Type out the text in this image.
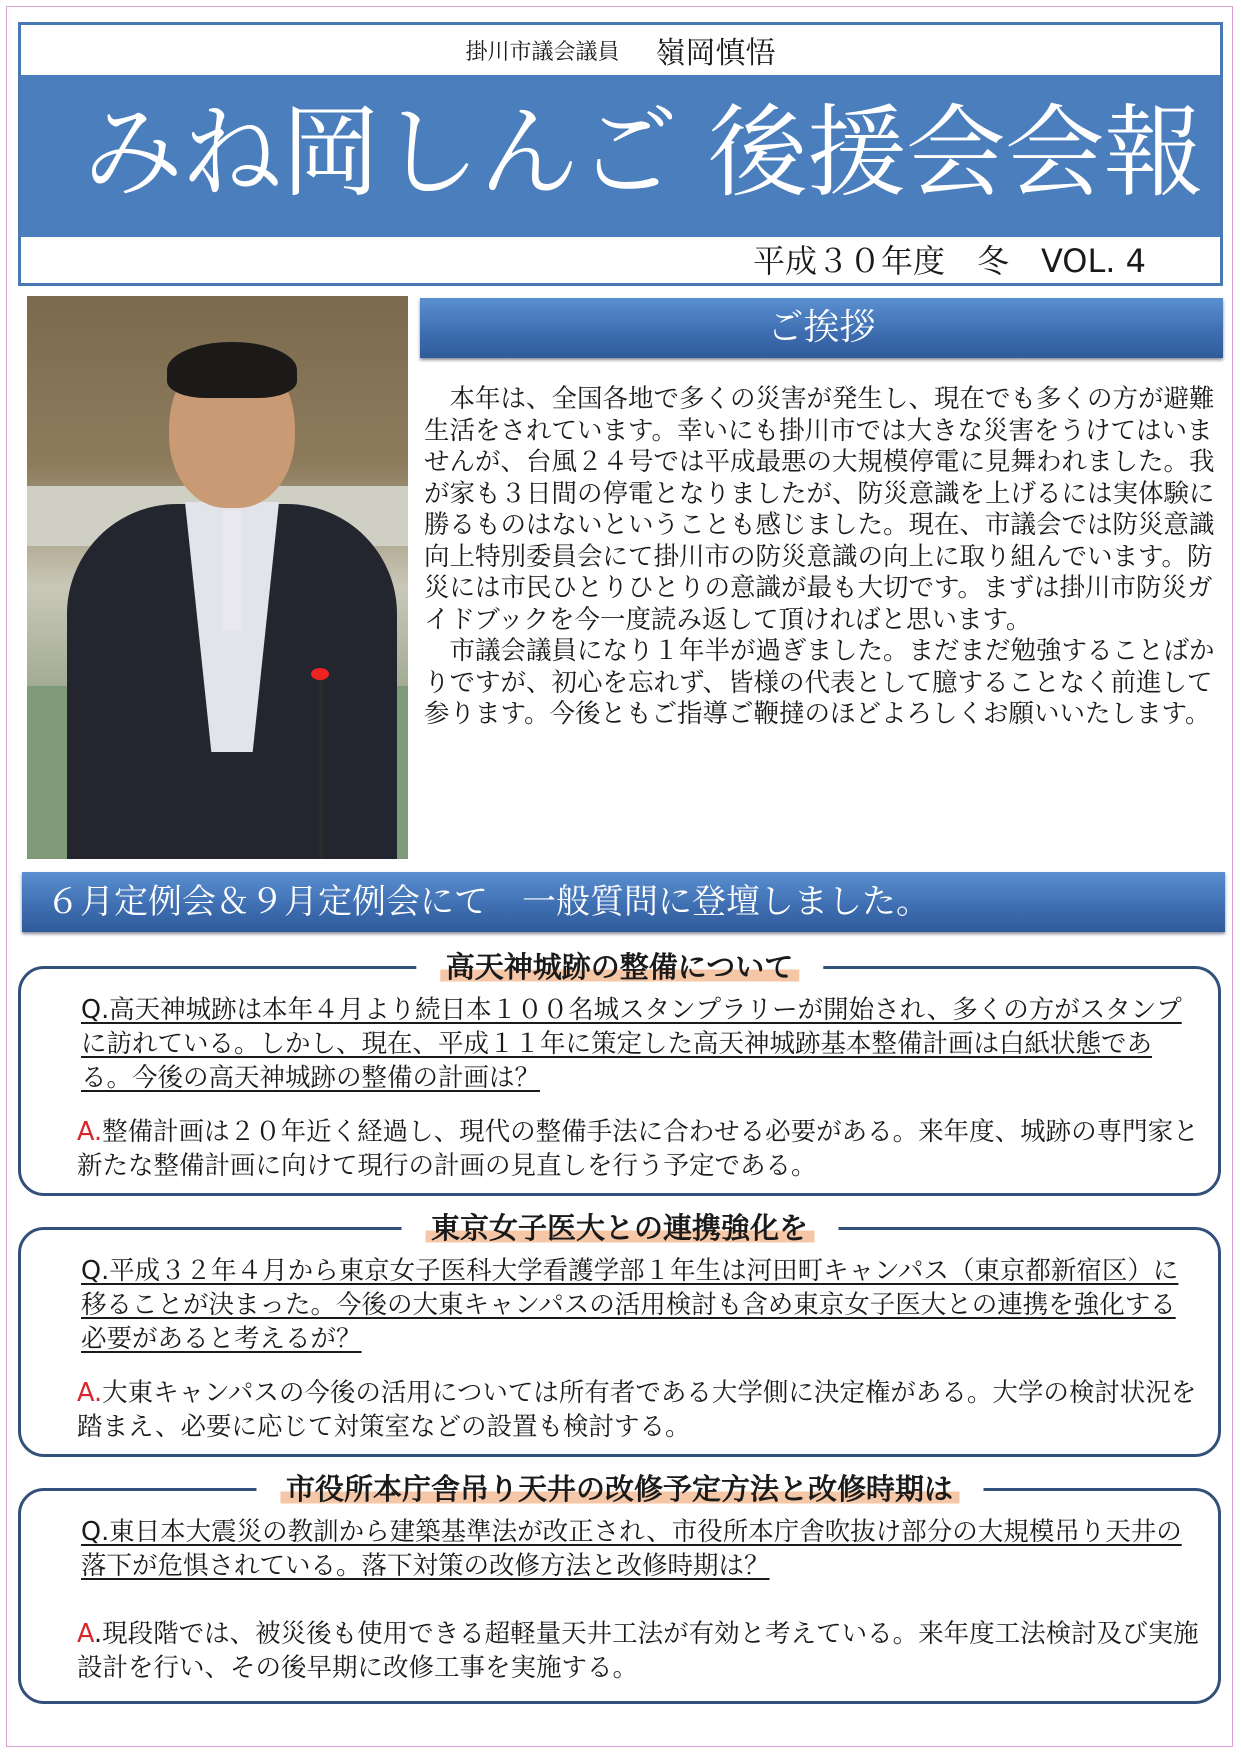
掛川市議会議員 嶺岡慎悟
みね岡しんご 後援会会報
平成３０年度　冬　VOL. 4
ご挨拶

本年は、全国各地で多くの災害が発生し、現在でも多くの方が避難生活をされています。幸いにも掛川市では大きな災害をうけてはいませんが、台風２４号では平成最悪の大規模停電に見舞われました。我が家も３日間の停電となりましたが、防災意識を上げるには実体験に勝るものはないということも感じました。現在、市議会では防災意識向上特別委員会にて掛川市の防災意識の向上に取り組んでいます。防災には市民ひとりひとりの意識が最も大切です。まずは掛川市防災ガイドブックを今一度読み返して頂ければと思います。

市議会議員になり１年半が過ぎました。まだまだ勉強することばかりですが、初心を忘れず、皆様の代表として臆することなく前進して参ります。今後ともご指導ご鞭撻のほどよろしくお願いいたします。

６月定例会＆９月定例会にて　一般質問に登壇しました。
高天神城跡の整備について
Q.高天神城跡は本年４月より続日本１００名城スタンプラリーが開始され、多くの方がスタンプに訪れている。しかし、現在、平成１１年に策定した高天神城跡基本整備計画は白紙状態である。今後の高天神城跡の整備の計画は？
A.整備計画は２０年近く経過し、現代の整備手法に合わせる必要がある。来年度、城跡の専門家と新たな整備計画に向けて現行の計画の見直しを行う予定である。
東京女子医大との連携強化を
Q.平成３２年４月から東京女子医科大学看護学部１年生は河田町キャンパス（東京都新宿区）に移ることが決まった。今後の大東キャンパスの活用検討も含め東京女子医大との連携を強化する必要があると考えるが？
A.大東キャンパスの今後の活用については所有者である大学側に決定権がある。大学の検討状況を踏まえ、必要に応じて対策室などの設置も検討する。
市役所本庁舎吊り天井の改修予定方法と改修時期は
Q.東日本大震災の教訓から建築基準法が改正され、市役所本庁舎吹抜け部分の大規模吊り天井の落下が危惧されている。落下対策の改修方法と改修時期は？
A.現段階では、被災後も使用できる超軽量天井工法が有効と考えている。来年度工法検討及び実施設計を行い、その後早期に改修工事を実施する。
